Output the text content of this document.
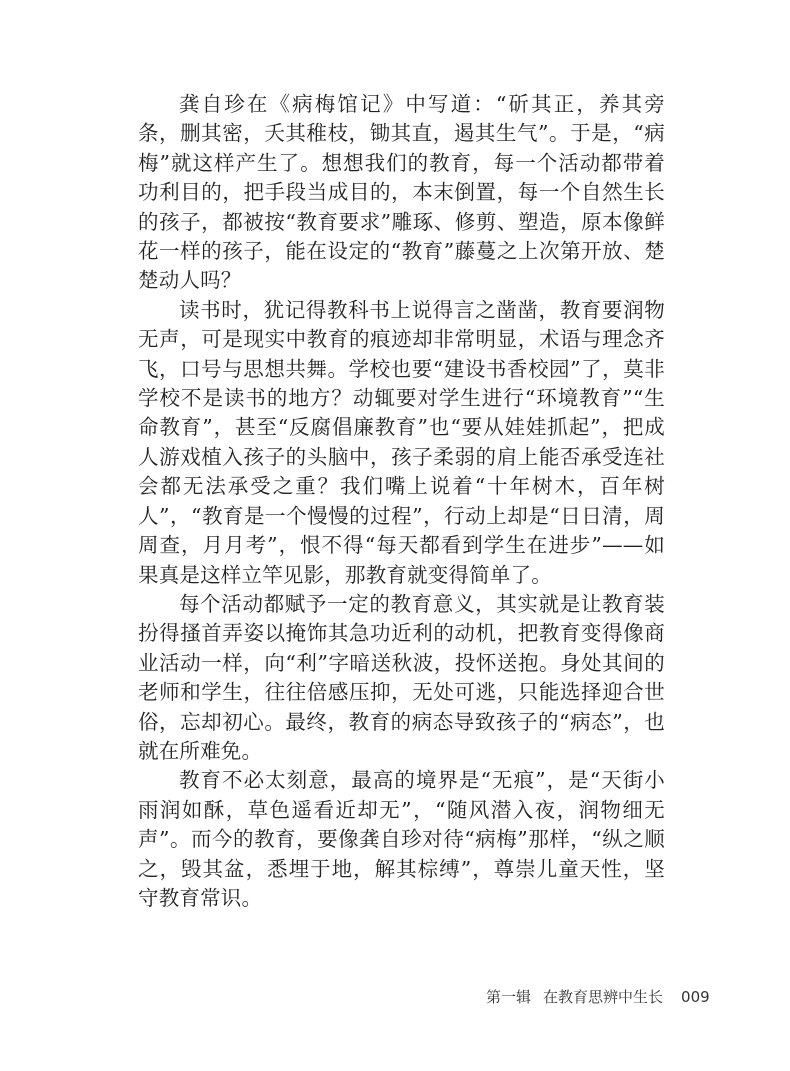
龚自珍在《病梅馆记》中写道：“斫其正，养其旁条，删其密，夭其稚枝，锄其直，遏其生气”。于是，“病梅”就这样产生了。想想我们的教育，每一个活动都带着功利目的，把手段当成目的，本末倒置，每一个自然生长的孩子，都被按“教育要求”雕琢、修剪、塑造，原本像鲜花一样的孩子，能在设定的“教育”藤蔓之上次第开放、楚楚动人吗？

读书时，犹记得教科书上说得言之凿凿，教育要润物无声，可是现实中教育的痕迹却非常明显，术语与理念齐飞，口号与思想共舞。学校也要“建设书香校园”了，莫非学校不是读书的地方？动辄要对学生进行“环境教育”“生命教育”，甚至“反腐倡廉教育”也“要从娃娃抓起”，把成人游戏植入孩子的头脑中，孩子柔弱的肩上能否承受连社会都无法承受之重？我们嘴上说着“十年树木，百年树人”，“教育是一个慢慢的过程”，行动上却是“日日清，周周查，月月考”，恨不得“每天都看到学生在进步”——如果真是这样立竿见影，那教育就变得简单了。

每个活动都赋予一定的教育意义，其实就是让教育装扮得搔首弄姿以掩饰其急功近利的动机，把教育变得像商业活动一样，向“利”字暗送秋波，投怀送抱。身处其间的老师和学生，往往倍感压抑，无处可逃，只能选择迎合世俗，忘却初心。最终，教育的病态导致孩子的“病态”，也就在所难免。

教育不必太刻意，最高的境界是“无痕”，是“天街小雨润如酥，草色遥看近却无”，“随风潜入夜，润物细无声”。而今的教育，要像龚自珍对待“病梅”那样，“纵之顺之，毁其盆，悉埋于地，解其棕缚”，尊崇儿童天性，坚守教育常识。

第一辑 在教育思辨中生长 009
